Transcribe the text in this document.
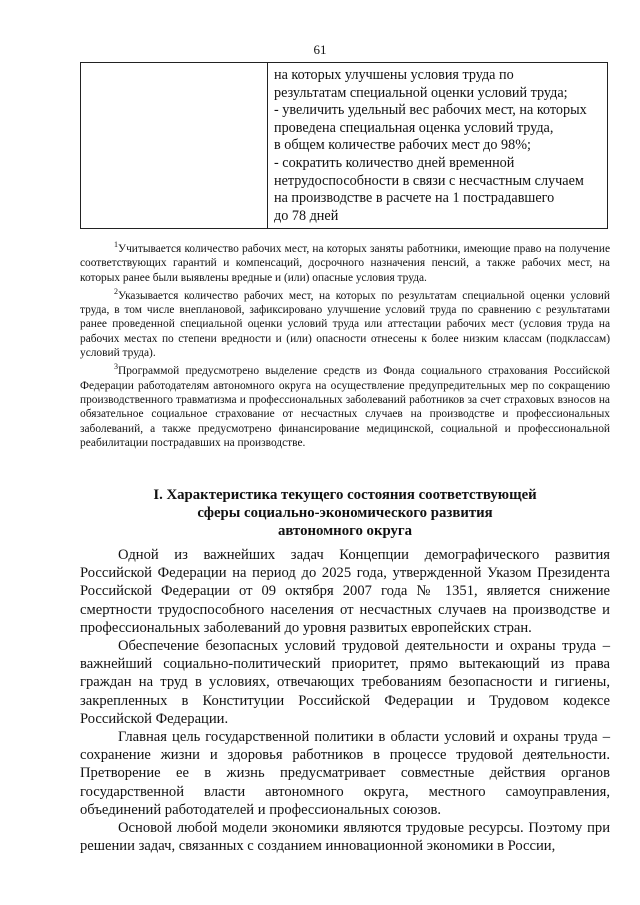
61

на которых улучшены условия труда по
результатам специальной оценки условий труда;
- увеличить удельный вес рабочих мест, на которых
проведена специальная оценка условий труда,
в общем количестве рабочих мест до 98%;
- сократить количество дней временной
нетрудоспособности в связи с несчастным случаем
на производстве в расчете на 1 пострадавшего
до 78 дней

$^1$Учитывается количество рабочих мест, на которых заняты работники, имеющие право на получение соответствующих гарантий и компенсаций, досрочного назначения пенсий, а также рабочих мест, на которых ранее были выявлены вредные и (или) опасные условия труда.

$^2$Указывается количество рабочих мест, на которых по результатам специальной оценки условий труда, в том числе внеплановой, зафиксировано улучшение условий труда по сравнению с результатами ранее проведенной специальной оценки условий труда или аттестации рабочих мест (условия труда на рабочих местах по степени вредности и (или) опасности отнесены к более низким классам (подклассам) условий труда).

$^3$Программой предусмотрено выделение средств из Фонда социального страхования Российской Федерации работодателям автономного округа на осуществление предупредительных мер по сокращению производственного травматизма и профессиональных заболеваний работников за счет страховых взносов на обязательное социальное страхование от несчастных случаев на производстве и профессиональных заболеваний, а также предусмотрено финансирование медицинской, социальной и профессиональной реабилитации пострадавших на производстве.

I. Характеристика текущего состояния соответствующей
сферы социально-экономического развития
автономного округа

Одной из важнейших задач Концепции демографического развития Российской Федерации на период до 2025 года, утвержденной Указом Президента Российской Федерации от 09 октября 2007 года № 1351, является снижение смертности трудоспособного населения от несчастных случаев на производстве и профессиональных заболеваний до уровня развитых европейских стран.

Обеспечение безопасных условий трудовой деятельности и охраны труда – важнейший социально-политический приоритет, прямо вытекающий из права граждан на труд в условиях, отвечающих требованиям безопасности и гигиены, закрепленных в Конституции Российской Федерации и Трудовом кодексе Российской Федерации.

Главная цель государственной политики в области условий и охраны труда – сохранение жизни и здоровья работников в процессе трудовой деятельности. Претворение ее в жизнь предусматривает совместные действия органов государственной власти автономного округа, местного самоуправления, объединений работодателей и профессиональных союзов.

Основой любой модели экономики являются трудовые ресурсы. Поэтому при решении задач, связанных с созданием инновационной экономики в России,
